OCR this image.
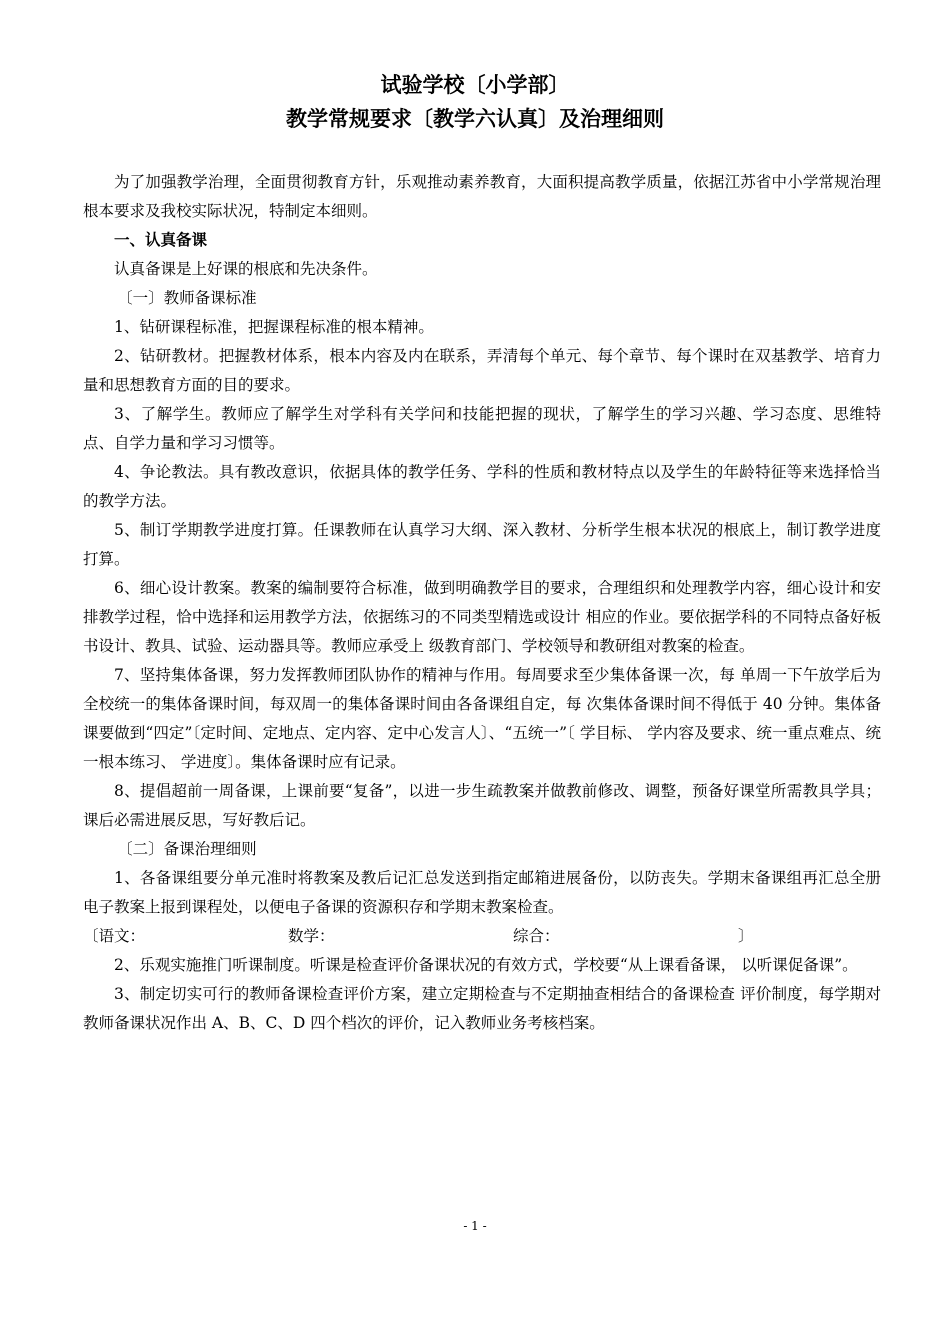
试验学校〔小学部〕
教学常规要求〔教学六认真〕及治理细则

为了加强教学治理，全面贯彻教育方针，乐观推动素养教育，大面积提高教学质量，依据江苏省中小学常规治理根本要求及我校实际状况，特制定本细则。

一、认真备课

认真备课是上好课的根底和先决条件。

〔一〕教师备课标准

1、钻研课程标准，把握课程标准的根本精神。

2、钻研教材。把握教材体系，根本内容及内在联系，弄清每个单元、每个章节、每个课时在双基教学、培育力量和思想教育方面的目的要求。

3、了解学生。教师应了解学生对学科有关学问和技能把握的现状，了解学生的学习兴趣、学习态度、思维特点、自学力量和学习习惯等。

4、争论教法。具有教改意识，依据具体的教学任务、学科的性质和教材特点以及学生的年龄特征等来选择恰当的教学方法。

5、制订学期教学进度打算。任课教师在认真学习大纲、深入教材、分析学生根本状况的根底上，制订教学进度打算。

6、细心设计教案。教案的编制要符合标准，做到明确教学目的要求，合理组织和处理教学内容，细心设计和安排教学过程，恰中选择和运用教学方法，依据练习的不同类型精选或设计 相应的作业。要依据学科的不同特点备好板书设计、教具、试验、运动器具等。教师应承受上 级教育部门、学校领导和教研组对教案的检查。

7、坚持集体备课，努力发挥教师团队协作的精神与作用。每周要求至少集体备课一次，每 单周一下午放学后为全校统一的集体备课时间，每双周一的集体备课时间由各备课组自定，每 次集体备课时间不得低于 40 分钟。集体备课要做到“四定”〔定时间、定地点、定内容、定中心发言人〕、“五统一”〔 学目标、 学内容及要求、统一重点难点、统一根本练习、 学进度〕。集体备课时应有记录。

8、提倡超前一周备课，上课前要“复备”，以进一步生疏教案并做教前修改、调整，预备好课堂所需教具学具；课后必需进展反思，写好教后记。

〔二〕备课治理细则

1、各备课组要分单元准时将教案及教后记汇总发送到指定邮箱进展备份，以防丧失。学期末备课组再汇总全册电子教案上报到课程处，以便电子备课的资源积存和学期末教案检查。

〔语文：	数学：	综合：	〕

2、乐观实施推门听课制度。听课是检查评价备课状况的有效方式，学校要“从上课看备课， 以听课促备课”。

3、制定切实可行的教师备课检查评价方案，建立定期检查与不定期抽查相结合的备课检查 评价制度，每学期对教师备课状况作出 A、B、C、D 四个档次的评价，记入教师业务考核档案。

- 1 -
